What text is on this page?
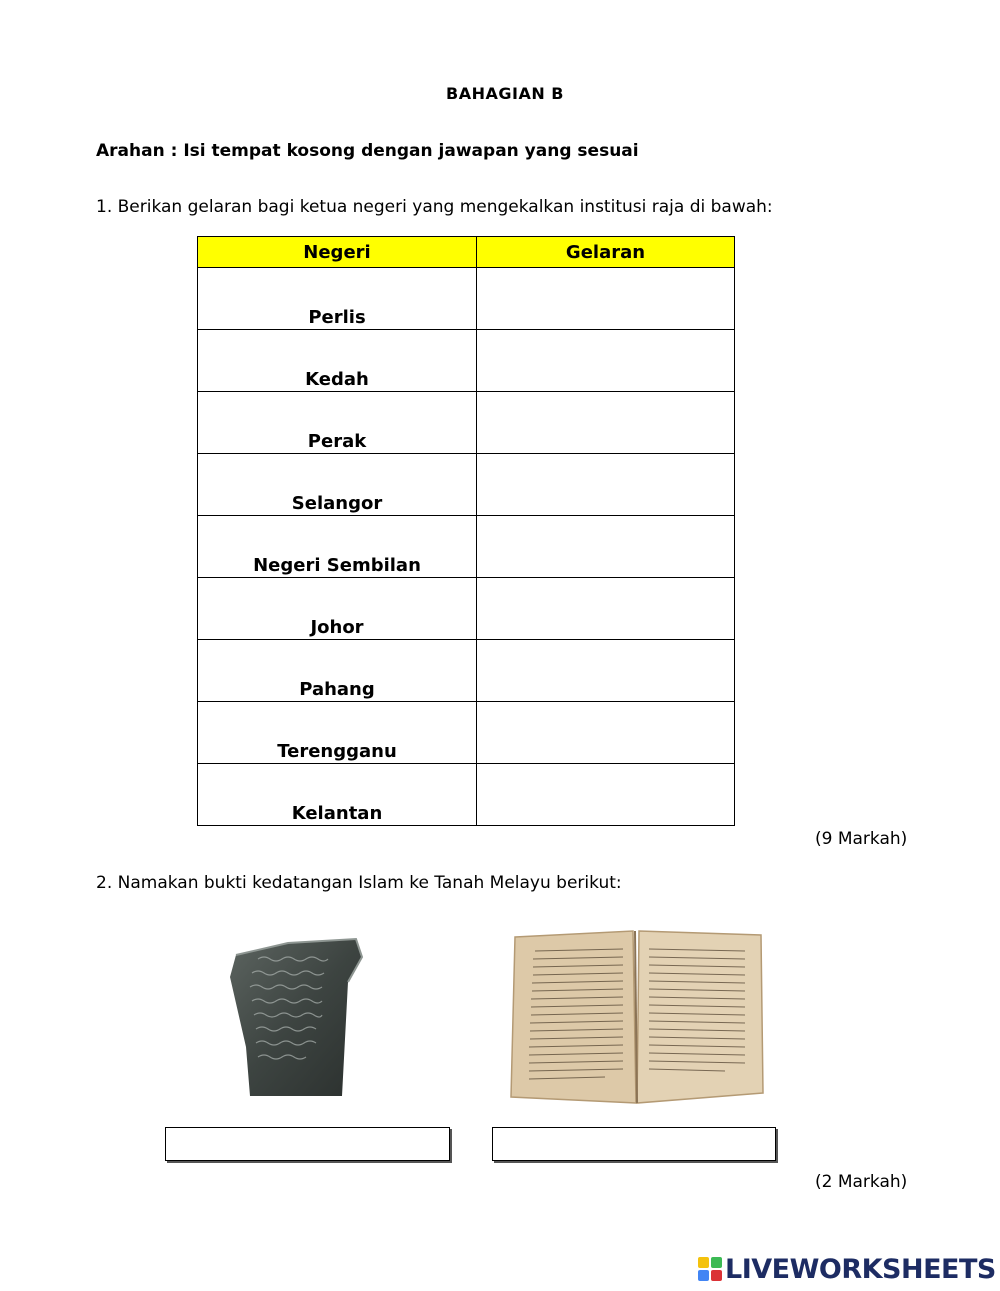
BAHAGIAN B
Arahan : Isi tempat kosong dengan jawapan yang sesuai
1. Berikan gelaran bagi ketua negeri yang mengekalkan institusi raja di bawah:
Negeri	Gelaran
Perlis	
Kedah	
Perak	
Selangor	
Negeri Sembilan	
Johor	
Pahang	
Terengganu	
Kelantan	
(9 Markah)
2. Namakan bukti kedatangan Islam ke Tanah Melayu berikut:
(2 Markah)
LIVEWORKSHEETS
